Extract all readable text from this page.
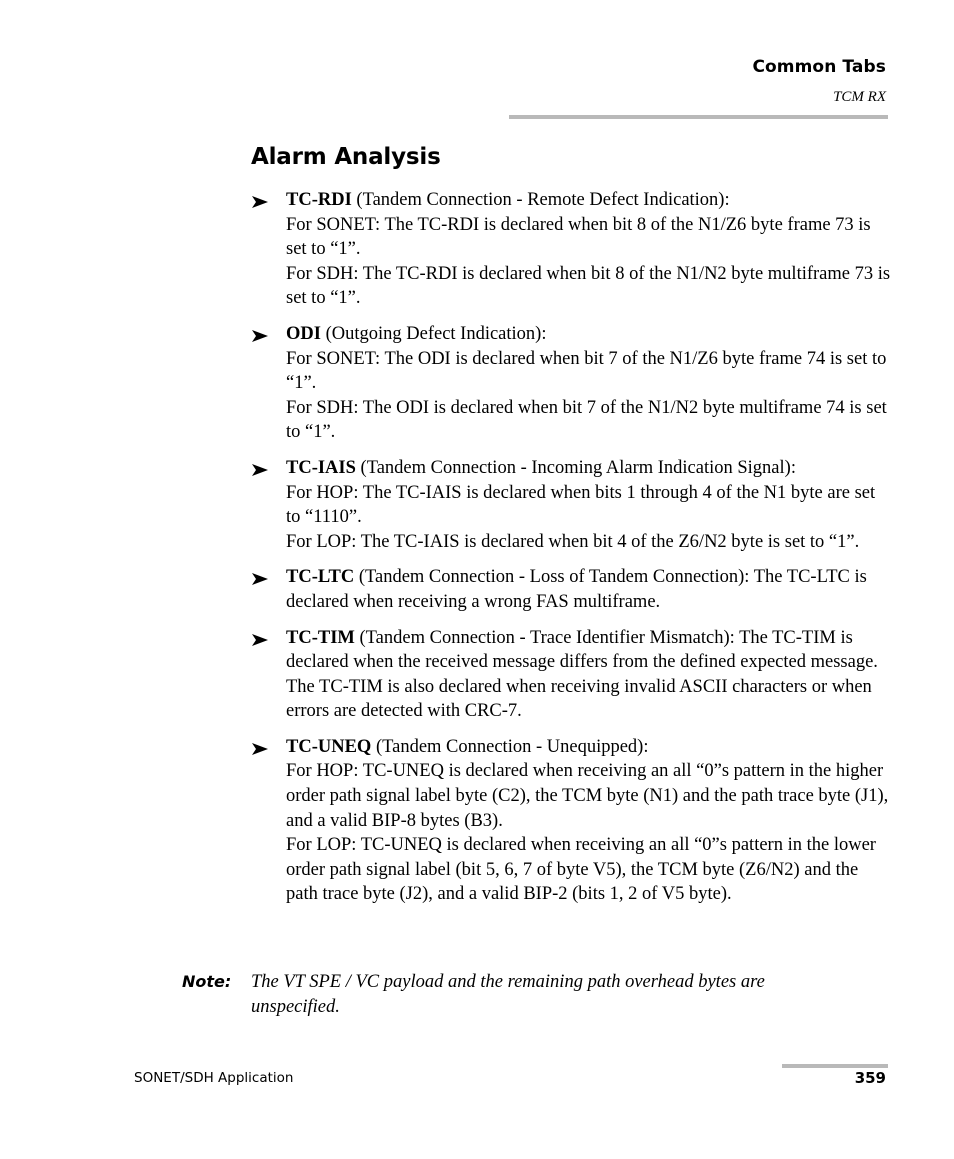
Common Tabs
TCM RX
Alarm Analysis
TC-RDI (Tandem Connection - Remote Defect Indication):
For SONET: The TC-RDI is declared when bit 8 of the N1/Z6 byte frame 73 is set to “1”.
For SDH: The TC-RDI is declared when bit 8 of the N1/N2 byte multiframe 73 is set to “1”.
ODI (Outgoing Defect Indication):
For SONET: The ODI is declared when bit 7 of the N1/Z6 byte frame 74 is set to “1”.
For SDH: The ODI is declared when bit 7 of the N1/N2 byte multiframe 74 is set to “1”.
TC-IAIS (Tandem Connection - Incoming Alarm Indication Signal):
For HOP: The TC-IAIS is declared when bits 1 through 4 of the N1 byte are set to “1110”.
For LOP: The TC-IAIS is declared when bit 4 of the Z6/N2 byte is set to “1”.
TC-LTC (Tandem Connection - Loss of Tandem Connection): The TC-LTC is declared when receiving a wrong FAS multiframe.
TC-TIM (Tandem Connection - Trace Identifier Mismatch): The TC-TIM is declared when the received message differs from the defined expected message. The TC-TIM is also declared when receiving invalid ASCII characters or when errors are detected with CRC-7.
TC-UNEQ (Tandem Connection - Unequipped):
For HOP: TC-UNEQ is declared when receiving an all “0”s pattern in the higher order path signal label byte (C2), the TCM byte (N1) and the path trace byte (J1), and a valid BIP-8 bytes (B3).
For LOP: TC-UNEQ is declared when receiving an all “0”s pattern in the lower order path signal label (bit 5, 6, 7 of byte V5), the TCM byte (Z6/N2) and the path trace byte (J2), and a valid BIP-2 (bits 1, 2 of V5 byte).
Note: The VT SPE / VC payload and the remaining path overhead bytes are unspecified.
SONET/SDH Application	359
